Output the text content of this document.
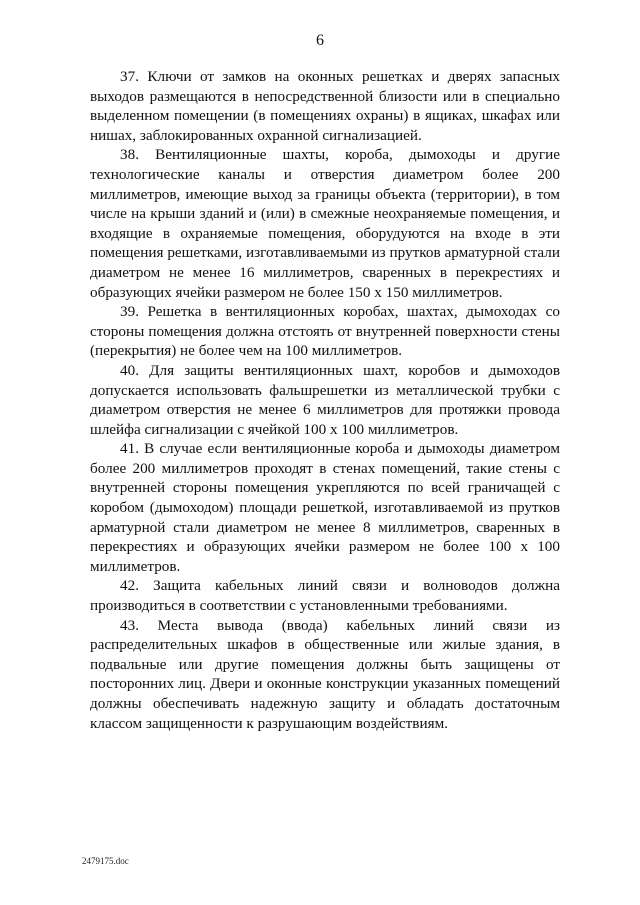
6

37. Ключи от замков на оконных решетках и дверях запасных выходов размещаются в непосредственной близости или в специально выделенном помещении (в помещениях охраны) в ящиках, шкафах или нишах, заблокированных охранной сигнализацией.

38. Вентиляционные шахты, короба, дымоходы и другие технологические каналы и отверстия диаметром более 200 миллиметров, имеющие выход за границы объекта (территории), в том числе на крыши зданий и (или) в смежные неохраняемые помещения, и входящие в охраняемые помещения, оборудуются на входе в эти помещения решетками, изготавливаемыми из прутков арматурной стали диаметром не менее 16 миллиметров, сваренных в перекрестиях и образующих ячейки размером не более 150 х 150 миллиметров.

39. Решетка в вентиляционных коробах, шахтах, дымоходах со стороны помещения должна отстоять от внутренней поверхности стены (перекрытия) не более чем на 100 миллиметров.

40. Для защиты вентиляционных шахт, коробов и дымоходов допускается использовать фальшрешетки из металлической трубки с диаметром отверстия не менее 6 миллиметров для протяжки провода шлейфа сигнализации с ячейкой 100 х 100 миллиметров.

41. В случае если вентиляционные короба и дымоходы диаметром более 200 миллиметров проходят в стенах помещений, такие стены с внутренней стороны помещения укрепляются по всей граничащей с коробом (дымоходом) площади решеткой, изготавливаемой из прутков арматурной стали диаметром не менее 8 миллиметров, сваренных в перекрестиях и образующих ячейки размером не более 100 х 100 миллиметров.

42. Защита кабельных линий связи и волноводов должна производиться в соответствии с установленными требованиями.

43. Места вывода (ввода) кабельных линий связи из распределительных шкафов в общественные или жилые здания, в подвальные или другие помещения должны быть защищены от посторонних лиц. Двери и оконные конструкции указанных помещений должны обеспечивать надежную защиту и обладать достаточным классом защищенности к разрушающим воздействиям.

2479175.doc
